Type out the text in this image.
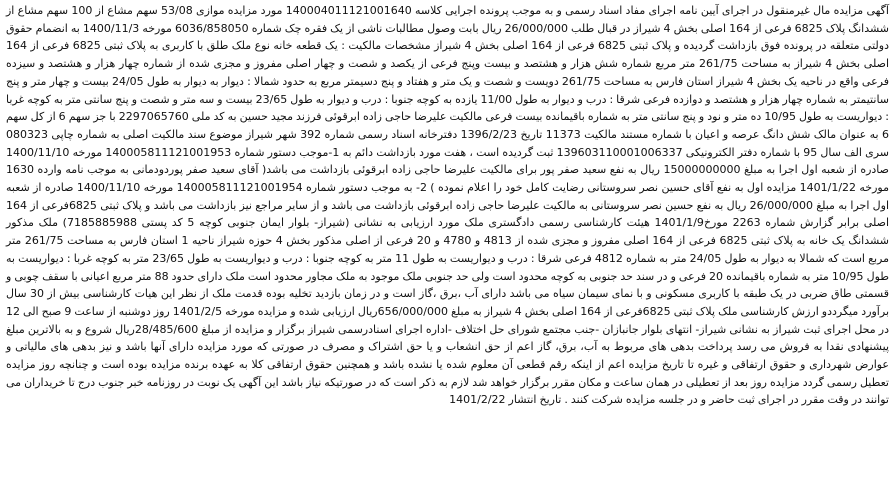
آگهی مزایده مال غیرمنقول در اجرای آیین نامه اجرای مفاد اسناد رسمی و به موجب پرونده اجرایی کلاسه 140004011121001640 مورد مزایده موازی 53/08 سهم مشاع از 100 سهم مشاع از ششدانگ پلاک 6825 فرعی از 164 اصلی بخش 4 شیراز در قبال طلب 26/000/000 ریال بابت وصول مطالبات ناشی از یک فقره چک شماره 6036/858050 مورخه 1400/11/3 به انضمام حقوق دولتی متعلقه در پرونده فوق بازداشت گردیده و پلاک ثبتی 6825 فرعی از 164 اصلی بخش 4 شیراز مشخصات مالکیت : یک قطعه خانه نوع ملک طلق با کاربری به پلاک ثبتی 6825 فرعی از 164 اصلی بخش 4 شیراز به مساحت 261/75 متر مربع شماره شش هزار و هشتصد و بیست وپنج فرعی از یکصد و شصت و چهار اصلی مفروز و مجزی شده از شماره چهار هزار و هشتصد و سیزده فرعی واقع در ناحیه یک بخش 4 شیراز استان فارس به مساحت 261/75 دویست و شصت و یک متر و هفتاد و پنج دسیمتر مربع به حدود شمالا : دیوار به دیوار به طول 24/05 بیست و چهار متر و پنج سانتیمتر به شماره چهار هزار و هشتصد و دوازده فرعی شرقا : درب و دیوار به طول 11/00 یازده به کوچه جنوبا : درب و دیوار به طول 23/65 بیست و سه متر و شصت و پنج سانتی متر به کوچه غربا : دیواریست به طول 10/95 ده متر و نود و پنج سانتی متر به شماره باقیمانده بیست فرعی مالکیت علیرضا حاجی زاده ابرقوئی فرزند مجید حسین به کد ملی 2297065760 با جز سهم 6 از کل سهم 6 به عنوان مالک شش دانگ عرصه و اعیان با شماره مستند مالکیت 11373 تاریخ 1396/2/23 دفترخانه اسناد رسمی شماره 392 شهر شیراز موضوع سند مالکیت اصلی به شماره چاپی 080323 سری الف سال 95 با شماره دفتر الکترونیکی 139603110001006337 ثبت گردیده است ، هفت مورد بازداشت دائم به 1-موجب دستور شماره 140005811121001953 مورخه 1400/11/10 صادره از شعبه اول اجرا به مبلغ 15000000000 ریال به نفع سعید صفر پور برای مالکیت علیرضا حاجی زاده ابرقوئی بازداشت می باشد( آقای سعید صفر پوردودمانی به موجب نامه وارده 1630 مورخه 1401/1/22 مزایده اول به نفع آقای حسین نصر سروستانی رضایت کامل خود را اعلام نموده ) 2- به موجب دستور شماره 140005811121001954 مورخه 1400/11/10 صادره از شعبه اول اجرا به مبلغ 26/000/000 ریال به نفع حسین نصر سروستانی به مالکیت علیرضا حاجی زاده ابرقوئی بازداشت می باشد و از سایر مراجع نیز بازداشت می باشد و پلاک ثبتی 6825فرعی از 164 اصلی برابر گزارش شماره 2263 مورخ1401/1/9 هیئت کارشناسی رسمی دادگستری ملک مورد ارزیابی به نشانی (شیراز- بلوار ایمان جنوبی کوچه 5 کد پستی 7185885988) ملک مذکور ششدانگ یک خانه به پلاک ثبتی 6825 فرعی از 164 اصلی مفروز و مجزی شده از 4813 و 4780 و 20 فرعی از اصلی مذکور بخش 4 حوزه شیراز ناحیه 1 استان فارس به مساحت 261/75 متر مربع است که شمالا به دیوار به طول 24/05 متر به شماره 4812 فرعی شرقا : درب و دیواریست به طول 11 متر به کوچه جنوبا : درب و دیواریست به طول 23/65 متر به کوچه غربا : دیواریست به طول 10/95 متر به شماره باقیمانده 20 فرعی و در سند حد جنوبی به کوچه محدود است ولی حد جنوبی ملک موجود به ملک مجاور محدود است ملک دارای حدود 88 متر مربع اعیانی با سقف چوبی و قسمتی طاق ضربی در یک طبقه با کاربری مسکونی و با نمای سیمان سیاه می باشد دارای آب ،برق ،گاز است و در زمان بازدید تخلیه بوده قدمت ملک از نظر این هیات کارشناسی بیش از 30 سال برآورد میگرددو ارزش کارشناسی ملک پلاک ثبتی 6825فرعی از 164 اصلی بخش 4 شیراز به مبلغ 656/000/000ریال ارزیابی شده و مزایده مورخه 1401/2/5 روز دوشنبه از ساعت 9 صبح الی 12 در محل اجرای ثبت شیراز به نشانی شیراز- انتهای بلوار جانبازان -جنب مجتمع شورای حل اختلاف -اداره اجرای اسنادرسمی شیراز برگزار و مزایده از مبلغ 28/485/600ریال شروع و به بالاترین مبلغ پیشنهادی نقدا به فروش می رسد پرداخت بدهی های مربوط به آب، برق، گاز اعم از حق انشعاب و یا حق اشتراک و مصرف در صورتی که مورد مزایده دارای آنها باشد و نیز بدهی های مالیاتی و عوارض شهرداری و حقوق ارتفاقی و غیره تا تاریخ مزایده اعم از اینکه رقم قطعی آن معلوم شده یا نشده باشد و همچنین حقوق ارتفاقی کلا به عهده برنده مزایده بوده است و چنانچه روز مزایده تعطیل رسمی گردد مزایده روز بعد از تعطیلی در همان ساعت و مکان مقرر برگزار خواهد شد لازم به ذکر است که در صورتیکه نیاز باشد این آگهی یک نوبت در روزنامه خبر جنوب درج تا خریداران می توانند در وقت مقرر در اجرای ثبت حاضر و در جلسه مزایده شرکت کنند . تاریخ انتشار 1401/2/22
